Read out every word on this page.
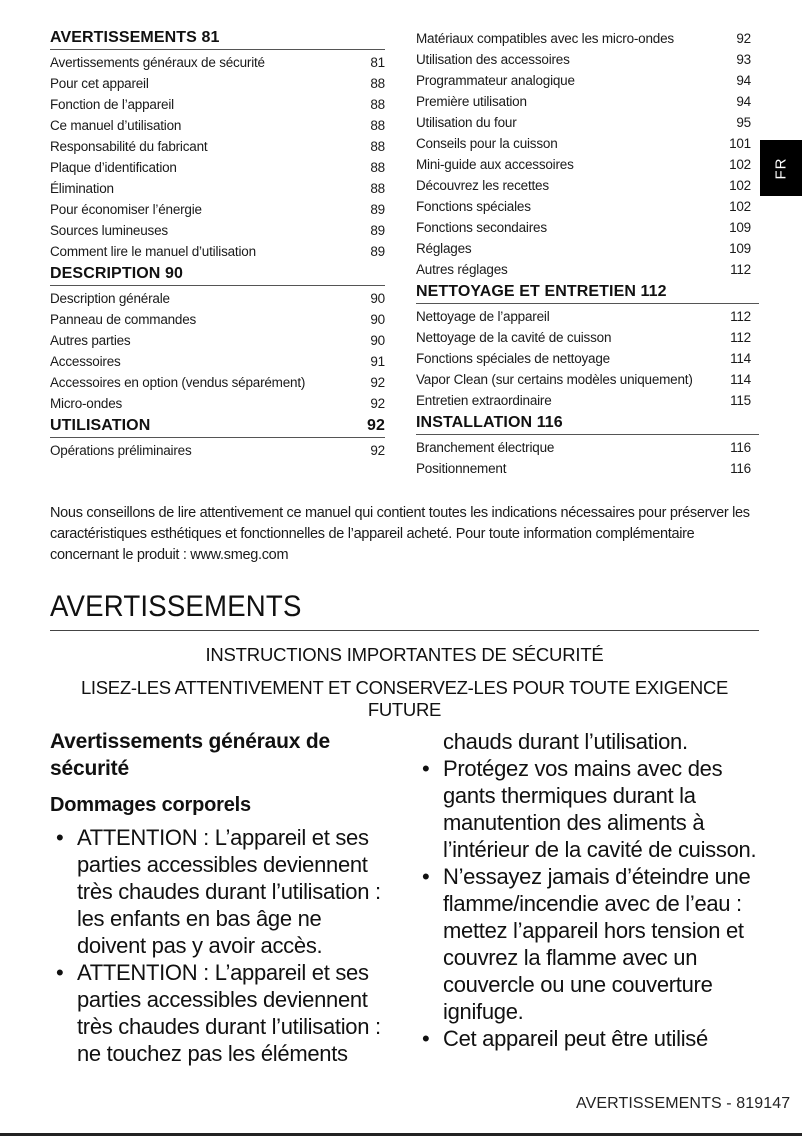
AVERTISSEMENTS 81
Avertissements généraux de sécurité	81
Pour cet appareil	88
Fonction de l’appareil	88
Ce manuel d’utilisation	88
Responsabilité du fabricant	88
Plaque d’identification	88
Élimination	88
Pour économiser l’énergie	89
Sources lumineuses	89
Comment lire le manuel d’utilisation	89
DESCRIPTION 90
Description générale	90
Panneau de commandes	90
Autres parties	90
Accessoires	91
Accessoires en option (vendus séparément)	92
Micro-ondes	92
UTILISATION	92
Opérations préliminaires	92
Matériaux compatibles avec les micro-ondes	92
Utilisation des accessoires	93
Programmateur analogique	94
Première utilisation	94
Utilisation du four	95
Conseils pour la cuisson	101
Mini-guide aux accessoires	102
Découvrez les recettes	102
Fonctions spéciales	102
Fonctions secondaires	109
Réglages	109
Autres réglages	112
NETTOYAGE ET ENTRETIEN 112
Nettoyage de l’appareil	112
Nettoyage de la cavité de cuisson	112
Fonctions spéciales de nettoyage	114
Vapor Clean (sur certains modèles uniquement)	114
Entretien extraordinaire	115
INSTALLATION 116
Branchement électrique	116
Positionnement	116
FR

Nous conseillons de lire attentivement ce manuel qui contient toutes les indications nécessaires pour préserver les caractéristiques esthétiques et fonctionnelles de l’appareil acheté. Pour toute information complémentaire concernant le produit : www.smeg.com

AVERTISSEMENTS
INSTRUCTIONS IMPORTANTES DE SÉCURITÉ
LISEZ-LES ATTENTIVEMENT ET CONSERVEZ-LES POUR TOUTE EXIGENCE FUTURE
Avertissements généraux de sécurité
Dommages corporels
• ATTENTION : L’appareil et ses parties accessibles deviennent très chaudes durant l’utilisation : les enfants en bas âge ne doivent pas y avoir accès.
• ATTENTION : L’appareil et ses parties accessibles deviennent très chaudes durant l’utilisation : ne touchez pas les éléments
chauds durant l’utilisation.
• Protégez vos mains avec des gants thermiques durant la manutention des aliments à l’intérieur de la cavité de cuisson.
• N’essayez jamais d’éteindre une flamme/incendie avec de l’eau : mettez l’appareil hors tension et couvrez la flamme avec un couvercle ou une couverture ignifuge.
• Cet appareil peut être utilisé
AVERTISSEMENTS - 819147
